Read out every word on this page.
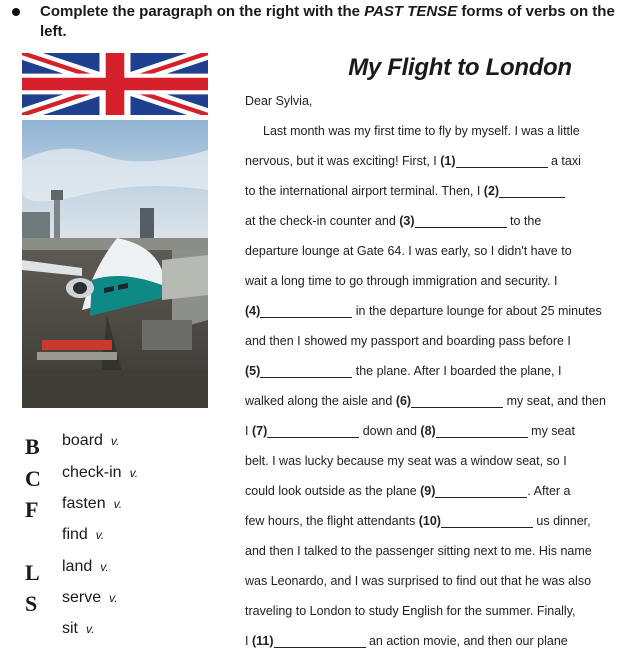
Complete the paragraph on the right with the PAST TENSE forms of verbs on the left.
My Flight to London
Dear Sylvia,
Last month was my first time to fly by myself. I was a little
nervous, but it was exciting! First, I (1)	a taxi
to the international airport terminal. Then, I (2)
at the check-in counter and (3)	to the
departure lounge at Gate 64. I was early, so I didn't have to
wait a long time to go through immigration and security. I
(4)	in the departure lounge for about 25 minutes
and then I showed my passport and boarding pass before I
(5)	the plane. After I boarded the plane, I
walked along the aisle and (6)	my seat, and then
I (7)	down and (8)	my seat
belt. I was lucky because my seat was a window seat, so I
could look outside as the plane (9)	. After a
few hours, the flight attendants (10)	us dinner,
and then I talked to the passenger sitting next to me. His name
was Leonardo, and I was surprised to find out that he was also
traveling to London to study English for the summer. Finally,
I (11)	an action movie, and then our plane
B board v.
C check-in v.
F fasten v.
find v.
L land v.
S serve v.
sit v.
